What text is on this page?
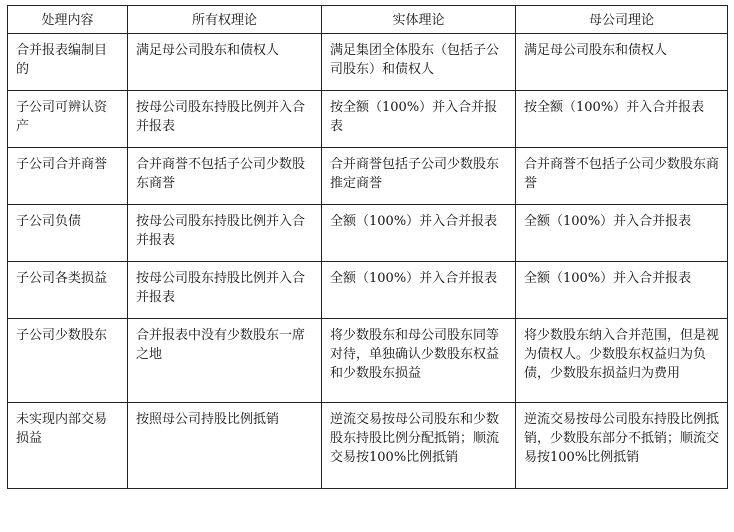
处理内容	所有权理论	实体理论	母公司理论
合并报表编制目的	满足母公司股东和债权人	满足集团全体股东（包括子公司股东）和债权人	满足母公司股东和债权人
子公司可辨认资产	按母公司股东持股比例并入合并报表	按全额（100%）并入合并报表	按全额（100%）并入合并报表
子公司合并商誉	合并商誉不包括子公司少数股东商誉	合并商誉包括子公司少数股东推定商誉	合并商誉不包括子公司少数股东商誉
子公司负债	按母公司股东持股比例并入合并报表	全额（100%）并入合并报表	全额（100%）并入合并报表
子公司各类损益	按母公司股东持股比例并入合并报表	全额（100%）并入合并报表	全额（100%）并入合并报表
子公司少数股东	合并报表中没有少数股东一席之地	将少数股东和母公司股东同等对待，单独确认少数股东权益和少数股东损益	将少数股东纳入合并范围，但是视为债权人。少数股东权益归为负债，少数股东损益归为费用
未实现内部交易损益	按照母公司持股比例抵销	逆流交易按母公司股东和少数股东持股比例分配抵销；顺流交易按100%比例抵销	逆流交易按母公司股东持股比例抵销，少数股东部分不抵销；顺流交易按100%比例抵销
